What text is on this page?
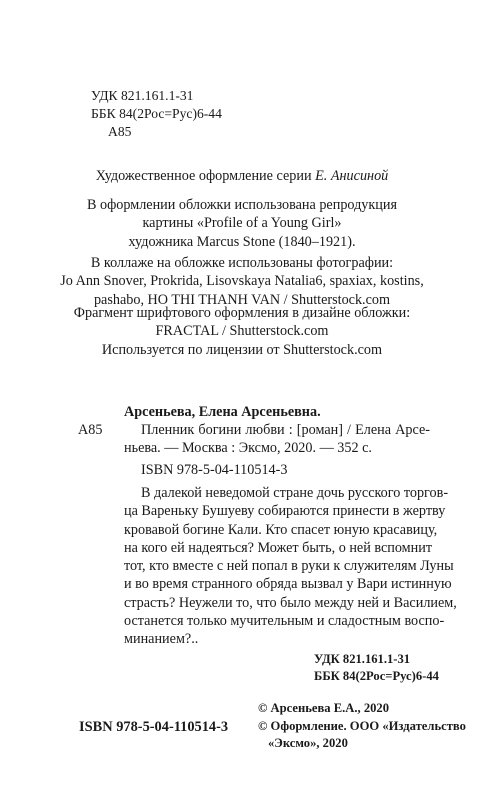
УДК 821.161.1-31
ББК 84(2Рос=Рус)6-44
А85
Художественное оформление серии Е. Анисиной
В оформлении обложки использована репродукция
картины «Profile of a Young Girl»
художника Marcus Stone (1840–1921).
В коллаже на обложке использованы фотографии:
Jo Ann Snover, Prokrida, Lisovskaya Natalia6, spaxiax, kostins,
pashabo, HO THI THANH VAN / Shutterstock.com
Фрагмент шрифтового оформления в дизайне обложки:
FRACTAL / Shutterstock.com
Используется по лицензии от Shutterstock.com
Арсеньева, Елена Арсеньевна.
А85	Пленник богини любви : [роман] / Елена Арсе-
ньева. — Москва : Эксмо, 2020. — 352 с.
ISBN 978-5-04-110514-3
В далекой неведомой стране дочь русского торгов-
ца Вареньку Бушуеву собираются принести в жертву
кровавой богине Кали. Кто спасет юную красавицу,
на кого ей надеяться? Может быть, о ней вспомнит
тот, кто вместе с ней попал в руки к служителям Луны
и во время странного обряда вызвал у Вари истинную
страсть? Неужели то, что было между ней и Василием,
останется только мучительным и сладостным воспо-
минанием?..
УДК 821.161.1-31
ББК 84(2Рос=Рус)6-44
ISBN 978-5-04-110514-3
© Арсеньева Е.А., 2020
© Оформление. ООО «Издательство
«Эксмо», 2020
